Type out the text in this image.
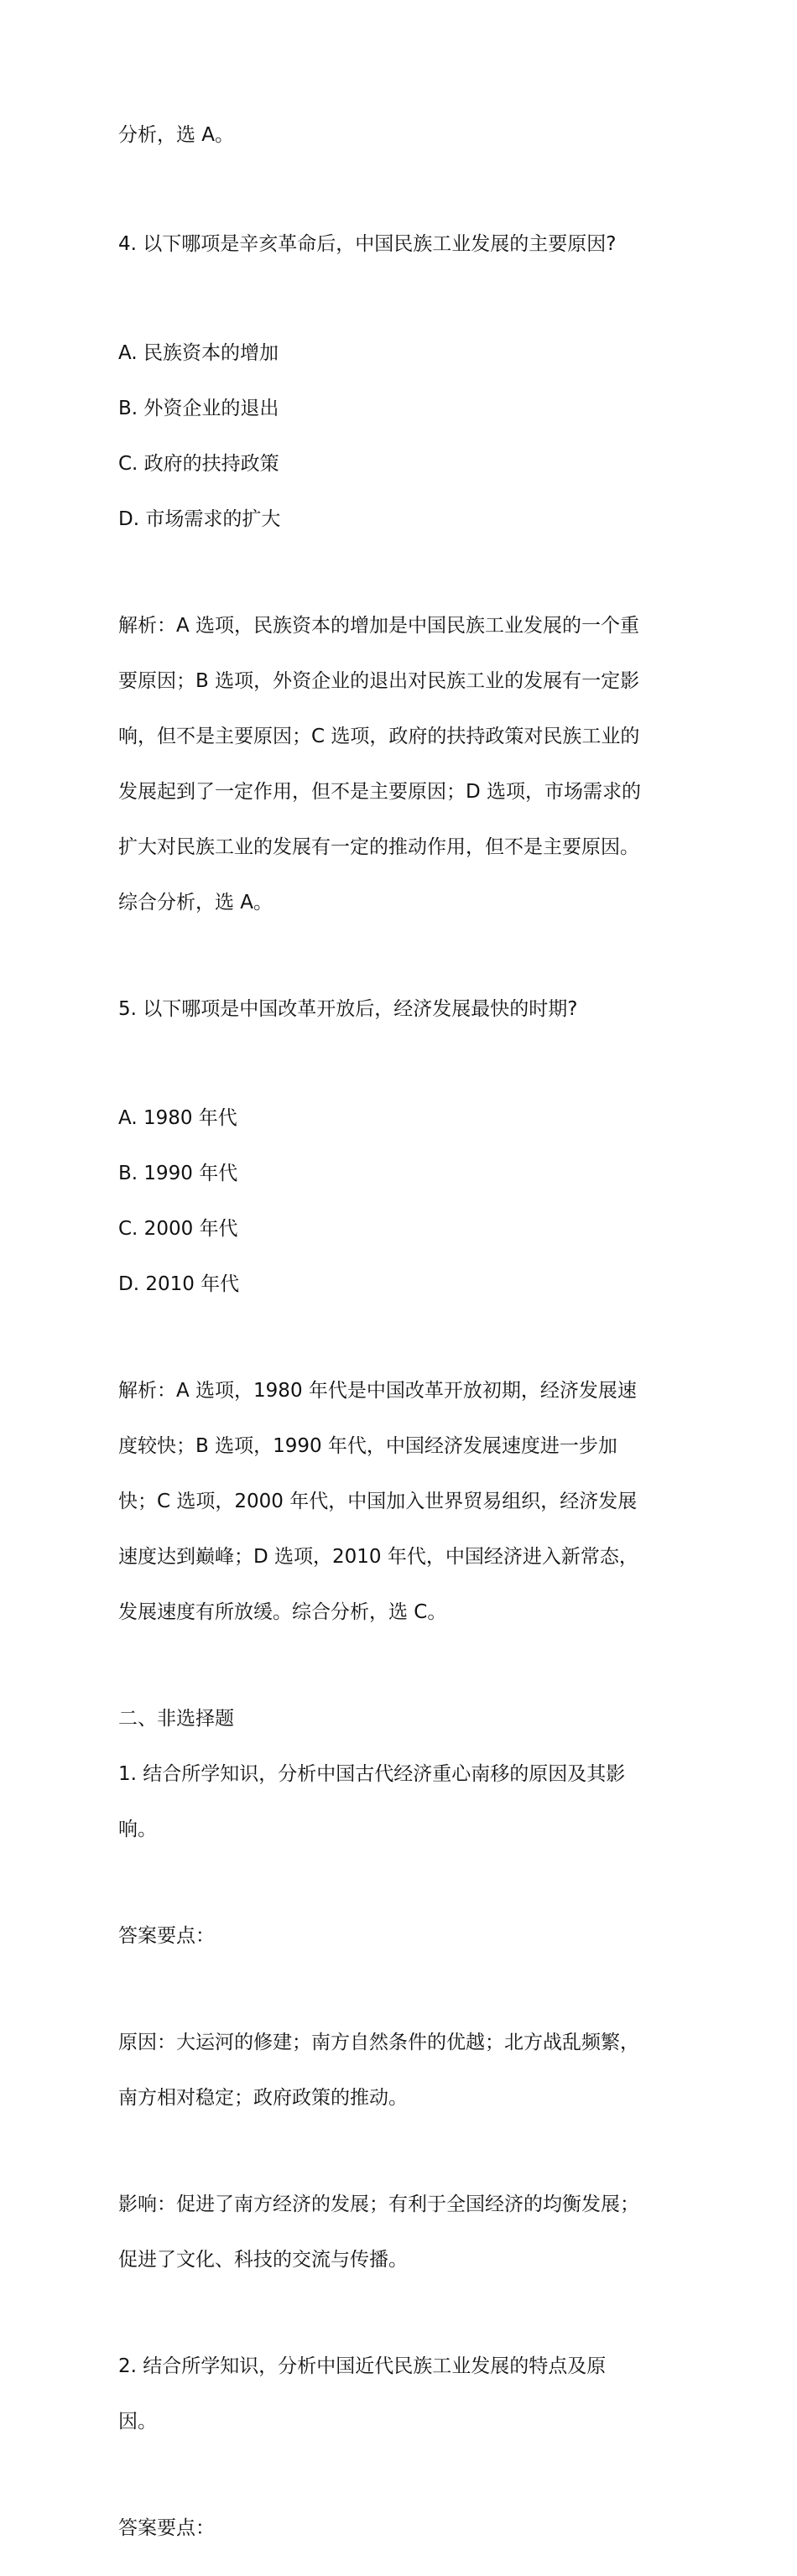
分析，选 A。

4. 以下哪项是辛亥革命后，中国民族工业发展的主要原因?

A. 民族资本的增加

B. 外资企业的退出

C. 政府的扶持政策

D. 市场需求的扩大

解析：A 选项，民族资本的增加是中国民族工业发展的一个重

要原因；B 选项，外资企业的退出对民族工业的发展有一定影

响，但不是主要原因；C 选项，政府的扶持政策对民族工业的

发展起到了一定作用，但不是主要原因；D 选项，市场需求的

扩大对民族工业的发展有一定的推动作用，但不是主要原因。

综合分析，选 A。

5. 以下哪项是中国改革开放后，经济发展最快的时期?

A. 1980 年代

B. 1990 年代

C. 2000 年代

D. 2010 年代

解析：A 选项，1980 年代是中国改革开放初期，经济发展速

度较快；B 选项，1990 年代，中国经济发展速度进一步加

快；C 选项，2000 年代，中国加入世界贸易组织，经济发展

速度达到巅峰；D 选项，2010 年代，中国经济进入新常态，

发展速度有所放缓。综合分析，选 C。

二、非选择题

1. 结合所学知识，分析中国古代经济重心南移的原因及其影

响。

答案要点：

原因：大运河的修建；南方自然条件的优越；北方战乱频繁，

南方相对稳定；政府政策的推动。

影响：促进了南方经济的发展；有利于全国经济的均衡发展；

促进了文化、科技的交流与传播。

2. 结合所学知识，分析中国近代民族工业发展的特点及原

因。

答案要点：
